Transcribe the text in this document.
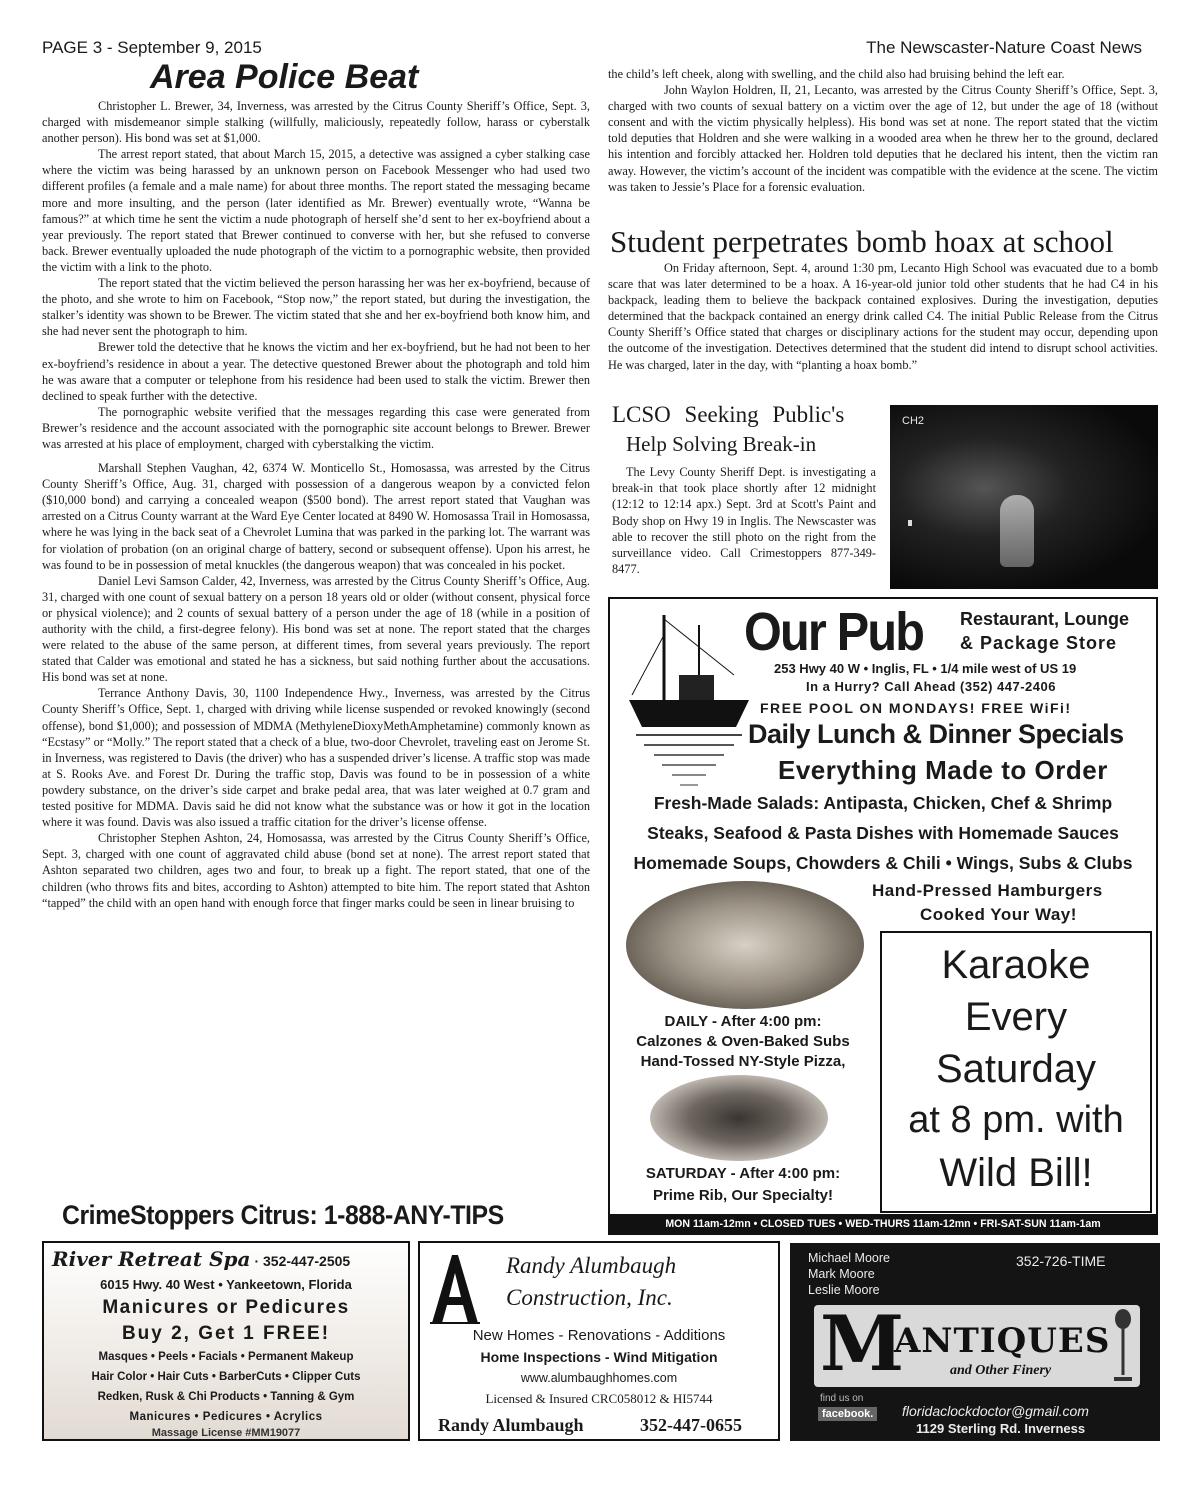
PAGE 3 - September 9, 2015	The Newscaster-Nature Coast News
Area Police Beat

Christopher L. Brewer, 34, Inverness, was arrested by the Citrus County Sheriff’s Office, Sept. 3, charged with misdemeanor simple stalking (willfully, maliciously, repeatedly follow, harass or cyberstalk another person). His bond was set at $1,000.

The arrest report stated, that about March 15, 2015, a detective was assigned a cyber stalking case where the victim was being harassed by an unknown person on Facebook Messenger who had used two different profiles (a female and a male name) for about three months. The report stated the messaging became more and more insulting, and the person (later identified as Mr. Brewer) eventually wrote, “Wanna be famous?” at which time he sent the victim a nude photograph of herself she’d sent to her ex-boyfriend about a year previously. The report stated that Brewer continued to converse with her, but she refused to converse back. Brewer eventually uploaded the nude photograph of the victim to a pornographic website, then provided the victim with a link to the photo.

The report stated that the victim believed the person harassing her was her ex-boyfriend, because of the photo, and she wrote to him on Facebook, “Stop now,” the report stated, but during the investigation, the stalker’s identity was shown to be Brewer. The victim stated that she and her ex-boyfriend both know him, and she had never sent the photograph to him.

Brewer told the detective that he knows the victim and her ex-boyfriend, but he had not been to her ex-boyfriend’s residence in about a year. The detective questoned Brewer about the photograph and told him he was aware that a computer or telephone from his residence had been used to stalk the victim. Brewer then declined to speak further with the detective.

The pornographic website verified that the messages regarding this case were generated from Brewer’s residence and the account associated with the pornographic site account belongs to Brewer. Brewer was arrested at his place of employment, charged with cyberstalking the victim.

Marshall Stephen Vaughan, 42, 6374 W. Monticello St., Homosassa, was arrested by the Citrus County Sheriff’s Office, Aug. 31, charged with possession of a dangerous weapon by a convicted felon ($10,000 bond) and carrying a concealed weapon ($500 bond). The arrest report stated that Vaughan was arrested on a Citrus County warrant at the Ward Eye Center located at 8490 W. Homosassa Trail in Homosassa, where he was lying in the back seat of a Chevrolet Lumina that was parked in the parking lot. The warrant was for violation of probation (on an original charge of battery, second or subsequent offense). Upon his arrest, he was found to be in possession of metal knuckles (the dangerous weapon) that was concealed in his pocket.

Daniel Levi Samson Calder, 42, Inverness, was arrested by the Citrus County Sheriff’s Office, Aug. 31, charged with one count of sexual battery on a person 18 years old or older (without consent, physical force or physical violence); and 2 counts of sexual battery of a person under the age of 18 (while in a position of authority with the child, a first-degree felony). His bond was set at none. The report stated that the charges were related to the abuse of the same person, at different times, from several years previously. The report stated that Calder was emotional and stated he has a sickness, but said nothing further about the accusations. His bond was set at none.

Terrance Anthony Davis, 30, 1100 Independence Hwy., Inverness, was arrested by the Citrus County Sheriff’s Office, Sept. 1, charged with driving while license suspended or revoked knowingly (second offense), bond $1,000); and possession of MDMA (MethyleneDioxyMethAmphetamine) commonly known as “Ecstasy” or “Molly.” The report stated that a check of a blue, two-door Chevrolet, traveling east on Jerome St. in Inverness, was registered to Davis (the driver) who has a suspended driver’s license. A traffic stop was made at S. Rooks Ave. and Forest Dr. During the traffic stop, Davis was found to be in possession of a white powdery substance, on the driver’s side carpet and brake pedal area, that was later weighed at 0.7 gram and tested positive for MDMA. Davis said he did not know what the substance was or how it got in the location where it was found. Davis was also issued a traffic citation for the driver’s license offense.

Christopher Stephen Ashton, 24, Homosassa, was arrested by the Citrus County Sheriff’s Office, Sept. 3, charged with one count of aggravated child abuse (bond set at none). The arrest report stated that Ashton separated two children, ages two and four, to break up a fight. The report stated, that one of the children (who throws fits and bites, according to Ashton) attempted to bite him. The report stated that Ashton “tapped” the child with an open hand with enough force that finger marks could be seen in linear bruising to

CrimeStoppers Citrus: 1-888-ANY-TIPS
the child’s left cheek, along with swelling, and the child also had bruising behind the left ear.

John Waylon Holdren, II, 21, Lecanto, was arrested by the Citrus County Sheriff’s Office, Sept. 3, charged with two counts of sexual battery on a victim over the age of 12, but under the age of 18 (without consent and with the victim physically helpless). His bond was set at none. The report stated that the victim told deputies that Holdren and she were walking in a wooded area when he threw her to the ground, declared his intention and forcibly attacked her. Holdren told deputies that he declared his intent, then the victim ran away. However, the victim’s account of the incident was compatible with the evidence at the scene. The victim was taken to Jessie’s Place for a forensic evaluation.

Student perpetrates bomb hoax at school

On Friday afternoon, Sept. 4, around 1:30 pm, Lecanto High School was evacuated due to a bomb scare that was later determined to be a hoax. A 16-year-old junior told other students that he had C4 in his backpack, leading them to believe the backpack contained explosives. During the investigation, deputies determined that the backpack contained an energy drink called C4. The initial Public Release from the Citrus County Sheriff’s Office stated that charges or disciplinary actions for the student may occur, depending upon the outcome of the investigation. Detectives determined that the student did intend to disrupt school activities. He was charged, later in the day, with “planting a hoax bomb.”

LCSO Seeking Public's
Help Solving Break-in

The Levy County Sheriff Dept. is investigating a break-in that took place shortly after 12 midnight (12:12 to 12:14 apx.) Sept. 3rd at Scott's Paint and Body shop on Hwy 19 in Inglis. The Newscaster was able to recover the still photo on the right from the surveillance video. Call Crimestoppers 877-349-8477.

CH2
Our Pub Restaurant, Lounge
& Package Store
253 Hwy 40 W • Inglis, FL • 1/4 mile west of US 19
In a Hurry? Call Ahead (352) 447-2406
FREE POOL ON MONDAYS! FREE WiFi!
Daily Lunch & Dinner Specials
Everything Made to Order
Fresh-Made Salads: Antipasta, Chicken, Chef & Shrimp
Steaks, Seafood & Pasta Dishes with Homemade Sauces
Homemade Soups, Chowders & Chili • Wings, Subs & Clubs
Hand-Pressed Hamburgers
Cooked Your Way!
DAILY - After 4:00 pm:
Calzones & Oven-Baked Subs
Hand-Tossed NY-Style Pizza,
SATURDAY - After 4:00 pm:
Prime Rib, Our Specialty!
Karaoke
Every
Saturday
at 8 pm. with
Wild Bill!
MON 11am-12mn • CLOSED TUES • WED-THURS 11am-12mn • FRI-SAT-SUN 11am-1am
River Retreat Spa · 352-447-2505
6015 Hwy. 40 West • Yankeetown, Florida
Manicures or Pedicures
Buy 2, Get 1 FREE!
Masques • Peels • Facials • Permanent Makeup
Hair Color • Hair Cuts • BarberCuts • Clipper Cuts
Redken, Rusk & Chi Products • Tanning & Gym
Manicures • Pedicures • Acrylics
Massage License #MM19077
Randy Alumbaugh
Construction, Inc.
New Homes - Renovations - Additions
Home Inspections - Wind Mitigation
www.alumbaughhomes.com
Licensed & Insured CRC058012 & HI5744
Randy Alumbaugh	352-447-0655
Michael Moore
Mark Moore
Leslie Moore
352-726-TIME
M
ANTIQUES
and Other Finery
find us on
facebook. floridaclockdoctor@gmail.com
1129 Sterling Rd. Inverness
